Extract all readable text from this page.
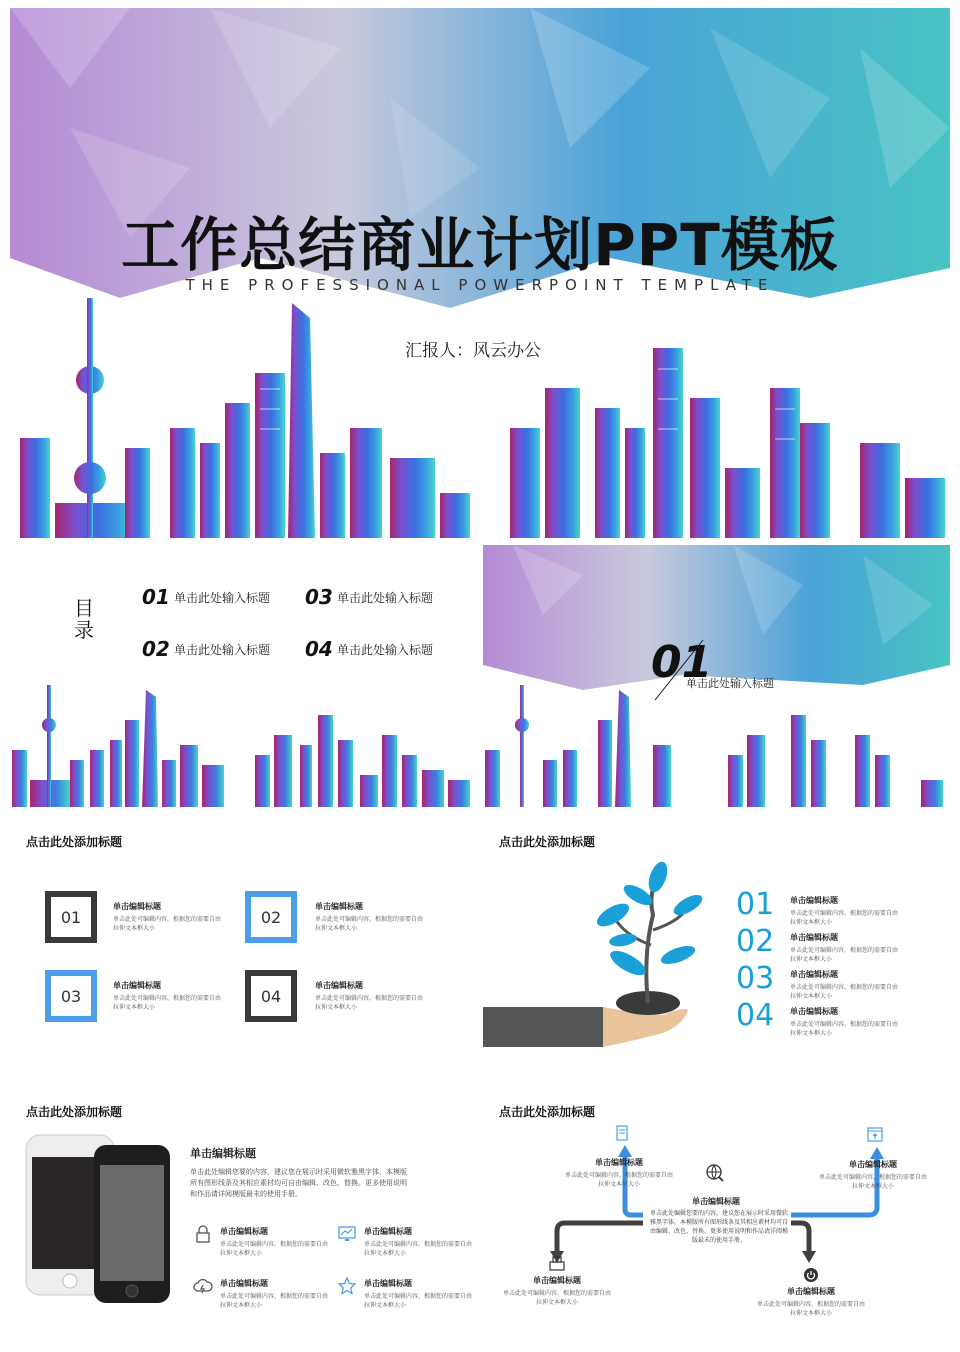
工作总结商业计划PPT模板
THE PROFESSIONAL POWERPOINT TEMPLATE
汇报人：风云办公
目录
01 单击此处输入标题 03 单击此处输入标题
02 单击此处输入标题 04 单击此处输入标题	01
单击此处输入标题
点击此处添加标题
01
单击编辑标题
单击此处可编辑内容，根据您的需要自由拉伸文本框大小
02
单击编辑标题
单击此处可编辑内容，根据您的需要自由拉伸文本框大小
03
单击编辑标题
单击此处可编辑内容，根据您的需要自由拉伸文本框大小
04
单击编辑标题
单击此处可编辑内容，根据您的需要自由拉伸文本框大小
点击此处添加标题
01 单击编辑标题
单击此处可编辑内容，根据您的需要自由拉伸文本框大小
02 单击编辑标题
单击此处可编辑内容，根据您的需要自由拉伸文本框大小
03 单击编辑标题
单击此处可编辑内容，根据您的需要自由拉伸文本框大小
04 单击编辑标题
单击此处可编辑内容，根据您的需要自由拉伸文本框大小
点击此处添加标题
单击编辑标题
单击此处编辑您要的内容，建议您在展示时采用微软雅黑字体，本模版所有图形线条及其相应素材均可自由编辑、改色、替换。更多使用说明和作品请详阅模版最末的使用手册。
单击编辑标题
单击此处可编辑内容，根据您的需要自由拉伸文本框大小
单击编辑标题
单击此处可编辑内容，根据您的需要自由拉伸文本框大小
单击编辑标题
单击此处可编辑内容，根据您的需要自由拉伸文本框大小
单击编辑标题
单击此处可编辑内容，根据您的需要自由拉伸文本框大小
点击此处添加标题
单击编辑标题
单击此处编辑您要的内容，建议您在展示时采用微软雅黑字体，本模版所有图形线条及其相应素材均可自由编辑、改色、替换。更多使用说明和作品请详阅模版最末的使用手册。
单击编辑标题
单击此处可编辑内容，根据您的需要自由拉伸文本框大小
单击编辑标题
单击此处可编辑内容，根据您的需要自由拉伸文本框大小
单击编辑标题
单击此处可编辑内容，根据您的需要自由拉伸文本框大小
单击编辑标题
单击此处可编辑内容，根据您的需要自由拉伸文本框大小
